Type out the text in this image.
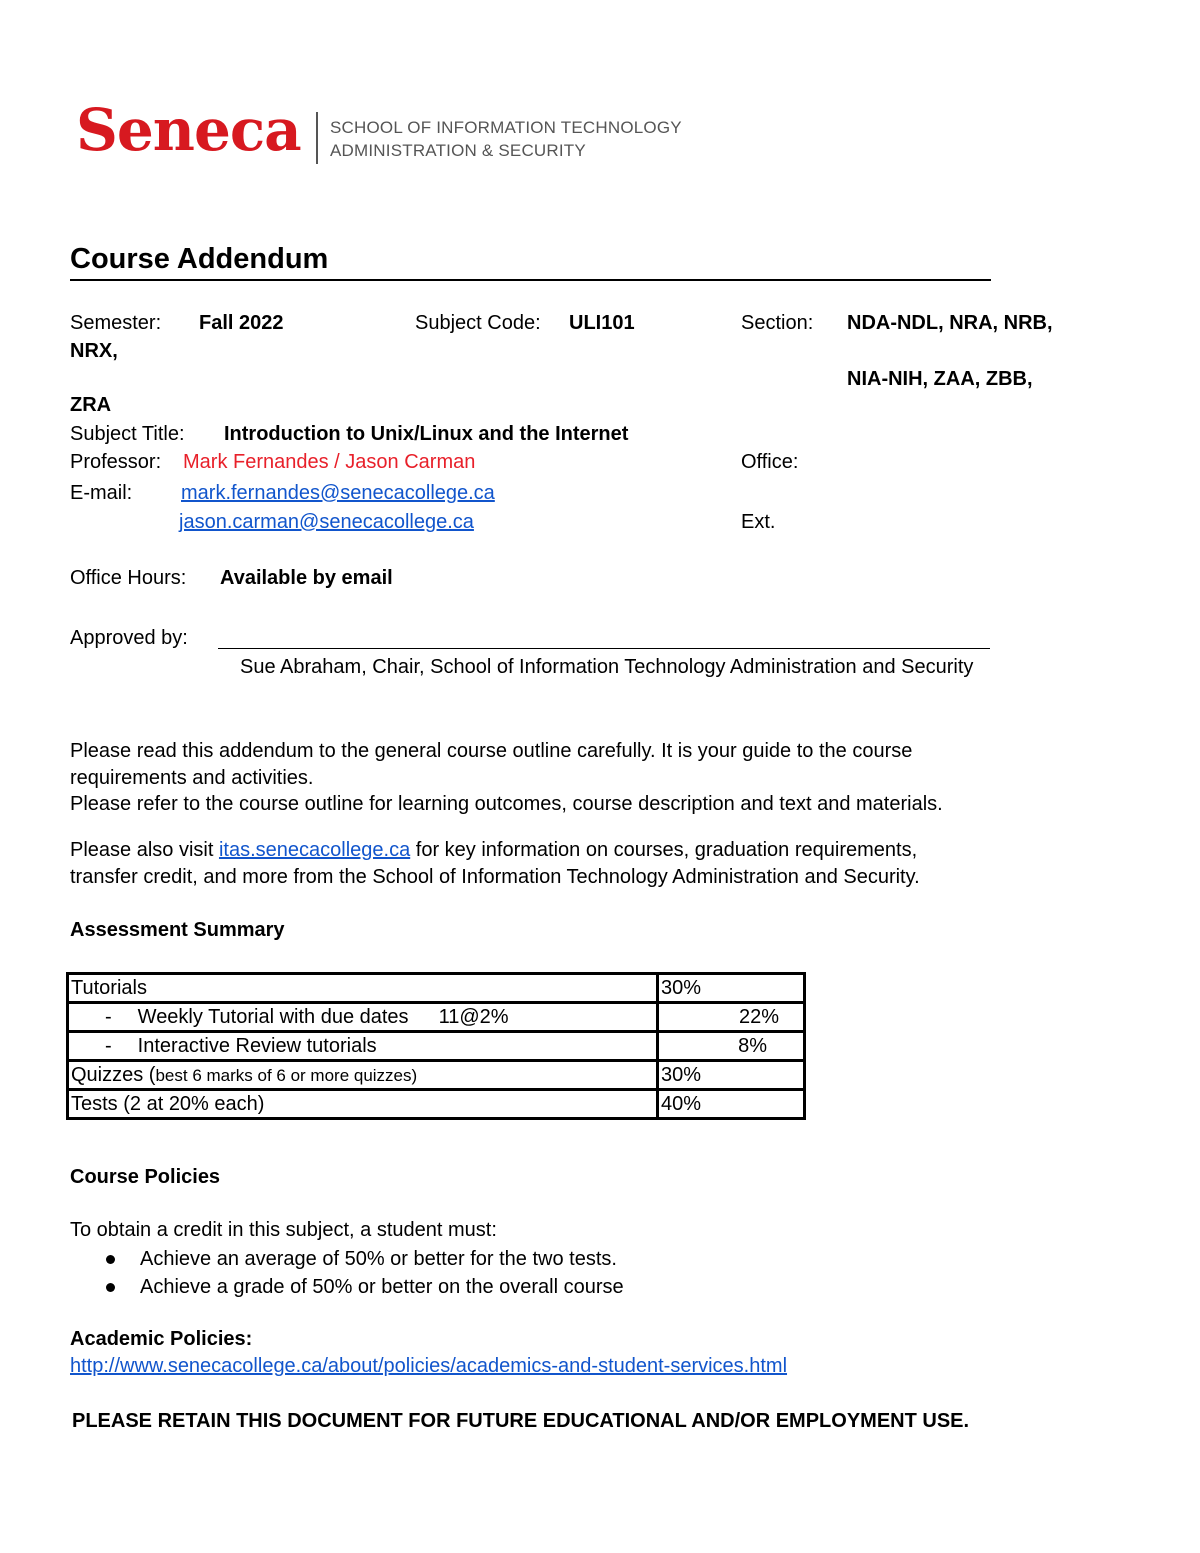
Seneca SCHOOL OF INFORMATION TECHNOLOGY
ADMINISTRATION & SECURITY
Course Addendum
Semester: Fall 2022	Subject Code: ULI101	Section: NDA-NDL, NRA, NRB,
NRX,
NIA-NIH, ZAA, ZBB,
ZRA
Subject Title: Introduction to Unix/Linux and the Internet
Professor: Mark Fernandes / Jason Carman	Office:
E-mail: mark.fernandes@senecacollege.ca
jason.carman@senecacollege.ca	Ext.
Office Hours: Available by email
Approved by:
Sue Abraham, Chair, School of Information Technology Administration and Security
Please read this addendum to the general course outline carefully. It is your guide to the course
requirements and activities.
Please refer to the course outline for learning outcomes, course description and text and materials.
Please also visit itas.senecacollege.ca for key information on courses, graduation requirements,
transfer credit, and more from the School of Information Technology Administration and Security.
Assessment Summary
Tutorials	30%
- Weekly Tutorial with due dates 11@2%	22%
- Interactive Review tutorials	8%
Quizzes (best 6 marks of 6 or more quizzes)	30%
Tests (2 at 20% each)	40%
Course Policies
To obtain a credit in this subject, a student must:
Achieve an average of 50% or better for the two tests.
Achieve a grade of 50% or better on the overall course
Academic Policies:
http://www.senecacollege.ca/about/policies/academics-and-student-services.html
PLEASE RETAIN THIS DOCUMENT FOR FUTURE EDUCATIONAL AND/OR EMPLOYMENT USE.
